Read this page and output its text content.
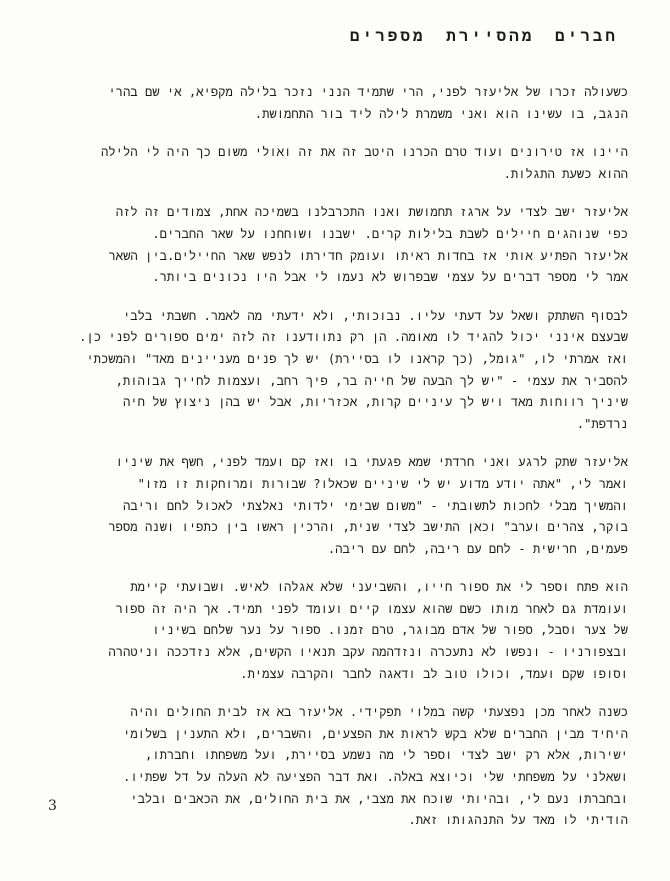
חברים מהסיירת מספרים
כשעולה זכרו של אליעזר לפני, הרי שתמיד הנני נזכר בלילה מקפיא, אי שם בהרי
הנגב, בו עשינו הוא ואני משמרת לילה ליד בור התחמושת.
היינו אז טירונים ועוד טרם הכרנו היטב זה את זה ואולי משום כך היה לי הלילה
ההוא כשעת התגלות.
אליעזר ישב לצדי על ארגז תחמושת ואנו התכרבלנו בשמיכה אחת, צמודים זה לזה
כפי שנוהגים חיילים לשבת בלילות קרים. ישבנו ושוחחנו על שאר החברים.
אליעזר הפתיע אותי אז בחדות ראיתו ועומק חדירתו לנפש שאר החיילים.בין השאר
אמר לי מספר דברים על עצמי שבפרוש לא נעמו לי אבל היו נכונים ביותר.
לבסוף השתתק ושאל על דעתי עליו. נבוכותי, ולא ידעתי מה לאמר. חשבתי בלבי
שבעצם אינני יכול להגיד לו מאומה. הן רק נתוודענו זה לזה ימים ספורים לפני כן.
ואז אמרתי לו, "גומל, (כך קראנו לו בסיירת) יש לך פנים מעניינים מאד" והמשכתי
להסביר את עצמי - "יש לך הבעה של חייה בר, פיך רחב, ועצמות לחייך גבוהות,
שיניך רווחות מאד ויש לך עיניים קרות, אכזריות, אבל יש בהן ניצוץ של חיה
נרדפת".
אליעזר שתק לרגע ואני חרדתי שמא פגעתי בו ואז קם ועמד לפני, חשף את שיניו
ואמר לי, "אתה יודע מדוע יש לי שיניים שכאלו? שבורות ומרוחקות זו מזו"
והמשיך מבלי לחכות לתשובתי - "משום שבימי ילדותי נאלצתי לאכול לחם וריבה
בוקר, צהרים וערב" וכאן התישב לצדי שנית, והרכין ראשו בין כתפיו ושנה מספר
פעמים, חרישית - לחם עם ריבה, לחם עם ריבה.
הוא פתח וספר לי את ספור חייו, והשביעני שלא אגלהו לאיש. ושבועתי קיימת
ועומדת גם לאחר מותו כשם שהוא עצמו קיים ועומד לפני תמיד. אך היה זה ספור
של צער וסבל, ספור של אדם מבוגר, טרם זמנו. ספור על נער שלחם בשיניו
ובצפורניו - ונפשו לא נתעכרה ונזדהמה עקב תנאיו הקשים, אלא נזדככה וניטהרה
וסופו שקם ועמד, וכולו טוב לב ודאגה לחבר והקרבה עצמית.
כשנה לאחר מכן נפצעתי קשה במלוי תפקידי. אליעזר בא אז לבית החולים והיה
היחיד מבין החברים שלא בקש לראות את הפצעים, והשברים, ולא התענין בשלומי
ישירות, אלא רק ישב לצדי וספר לי מה נשמע בסיירת, ועל משפחתו וחברתו,
ושאלני על משפחתי שלי וכיוצא באלה. ואת דבר הפציעה לא העלה על דל שפתיו.
ובחברתו נעם לי, ובהיותי שוכח את מצבי, את בית החולים, את הכאבים ובלבי
הודיתי לו מאד על התנהגותו זאת.
3
